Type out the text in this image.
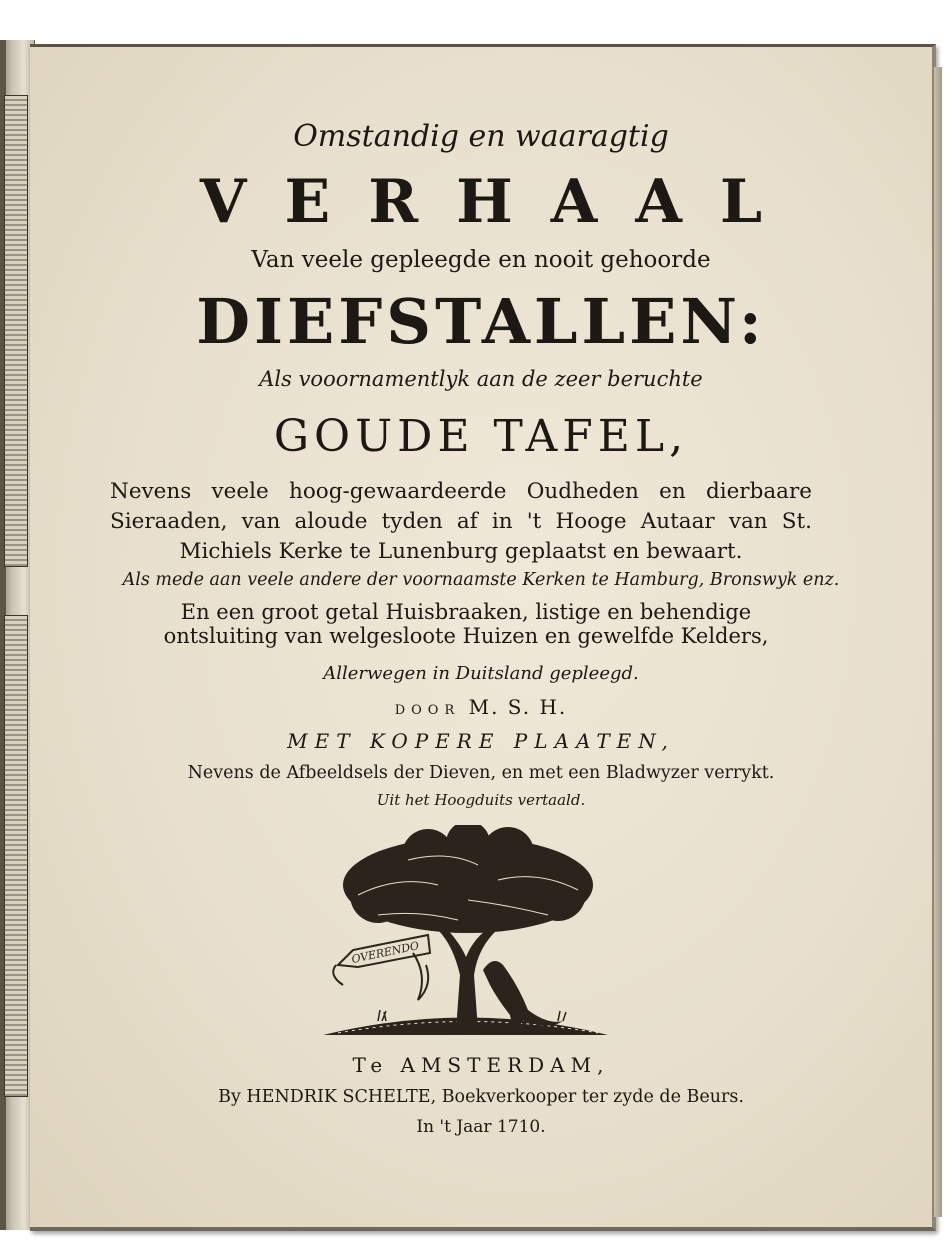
Omstandig en waaragtig
VERHAAL
Van veele gepleegde en nooit gehoorde
DIEFSTALLEN:
Als vooornamentlyk aan de zeer beruchte
GOUDE TAFEL,
Nevens veele hoog-gewaardeerde Oudheden en dierbaare Sieraaden, van aloude tyden af in 't Hooge Autaar van St. Michiels Kerke te Lunenburg geplaatst en bewaart.
Als mede aan veele andere der voornaamste Kerken te Hamburg, Bronswyk enz.
En een groot getal Huisbraaken, listige en behendige ontsluiting van welgesloote Huizen en gewelfde Kelders,
Allerwegen in Duitsland gepleegd.
DOOR M. S. H.
MET KOPERE PLAATEN,
Nevens de Afbeeldsels der Dieven, en met een Bladwyzer verrykt.
Uit het Hoogduits vertaald.
OVERENDO
Te AMSTERDAM,
By HENDRIK SCHELTE, Boekverkooper ter zyde de Beurs.
In 't Jaar 1710.
